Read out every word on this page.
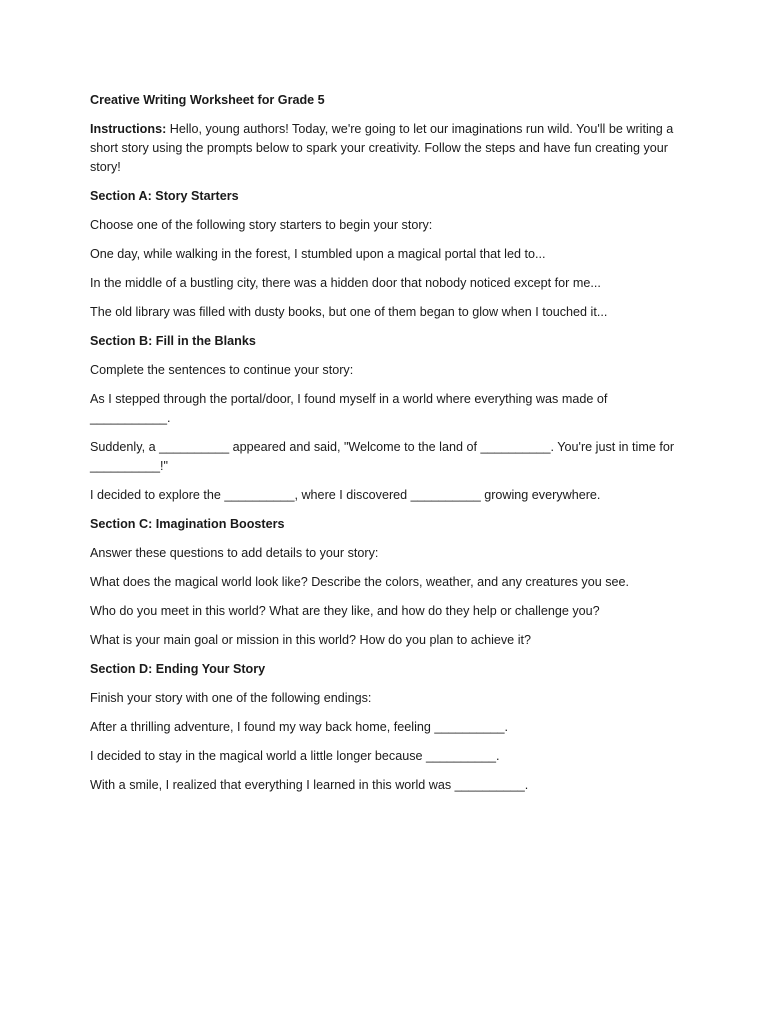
Creative Writing Worksheet for Grade 5

Instructions: Hello, young authors! Today, we're going to let our imaginations run wild. You'll be writing a short story using the prompts below to spark your creativity. Follow the steps and have fun creating your story!

Section A: Story Starters

Choose one of the following story starters to begin your story:

One day, while walking in the forest, I stumbled upon a magical portal that led to...

In the middle of a bustling city, there was a hidden door that nobody noticed except for me...

The old library was filled with dusty books, but one of them began to glow when I touched it...

Section B: Fill in the Blanks

Complete the sentences to continue your story:

As I stepped through the portal/door, I found myself in a world where everything was made of ___________.

Suddenly, a __________ appeared and said, "Welcome to the land of __________. You're just in time for __________!"

I decided to explore the __________, where I discovered __________ growing everywhere.

Section C: Imagination Boosters

Answer these questions to add details to your story:

What does the magical world look like? Describe the colors, weather, and any creatures you see.

Who do you meet in this world? What are they like, and how do they help or challenge you?

What is your main goal or mission in this world? How do you plan to achieve it?

Section D: Ending Your Story

Finish your story with one of the following endings:

After a thrilling adventure, I found my way back home, feeling __________.

I decided to stay in the magical world a little longer because __________.

With a smile, I realized that everything I learned in this world was __________.
